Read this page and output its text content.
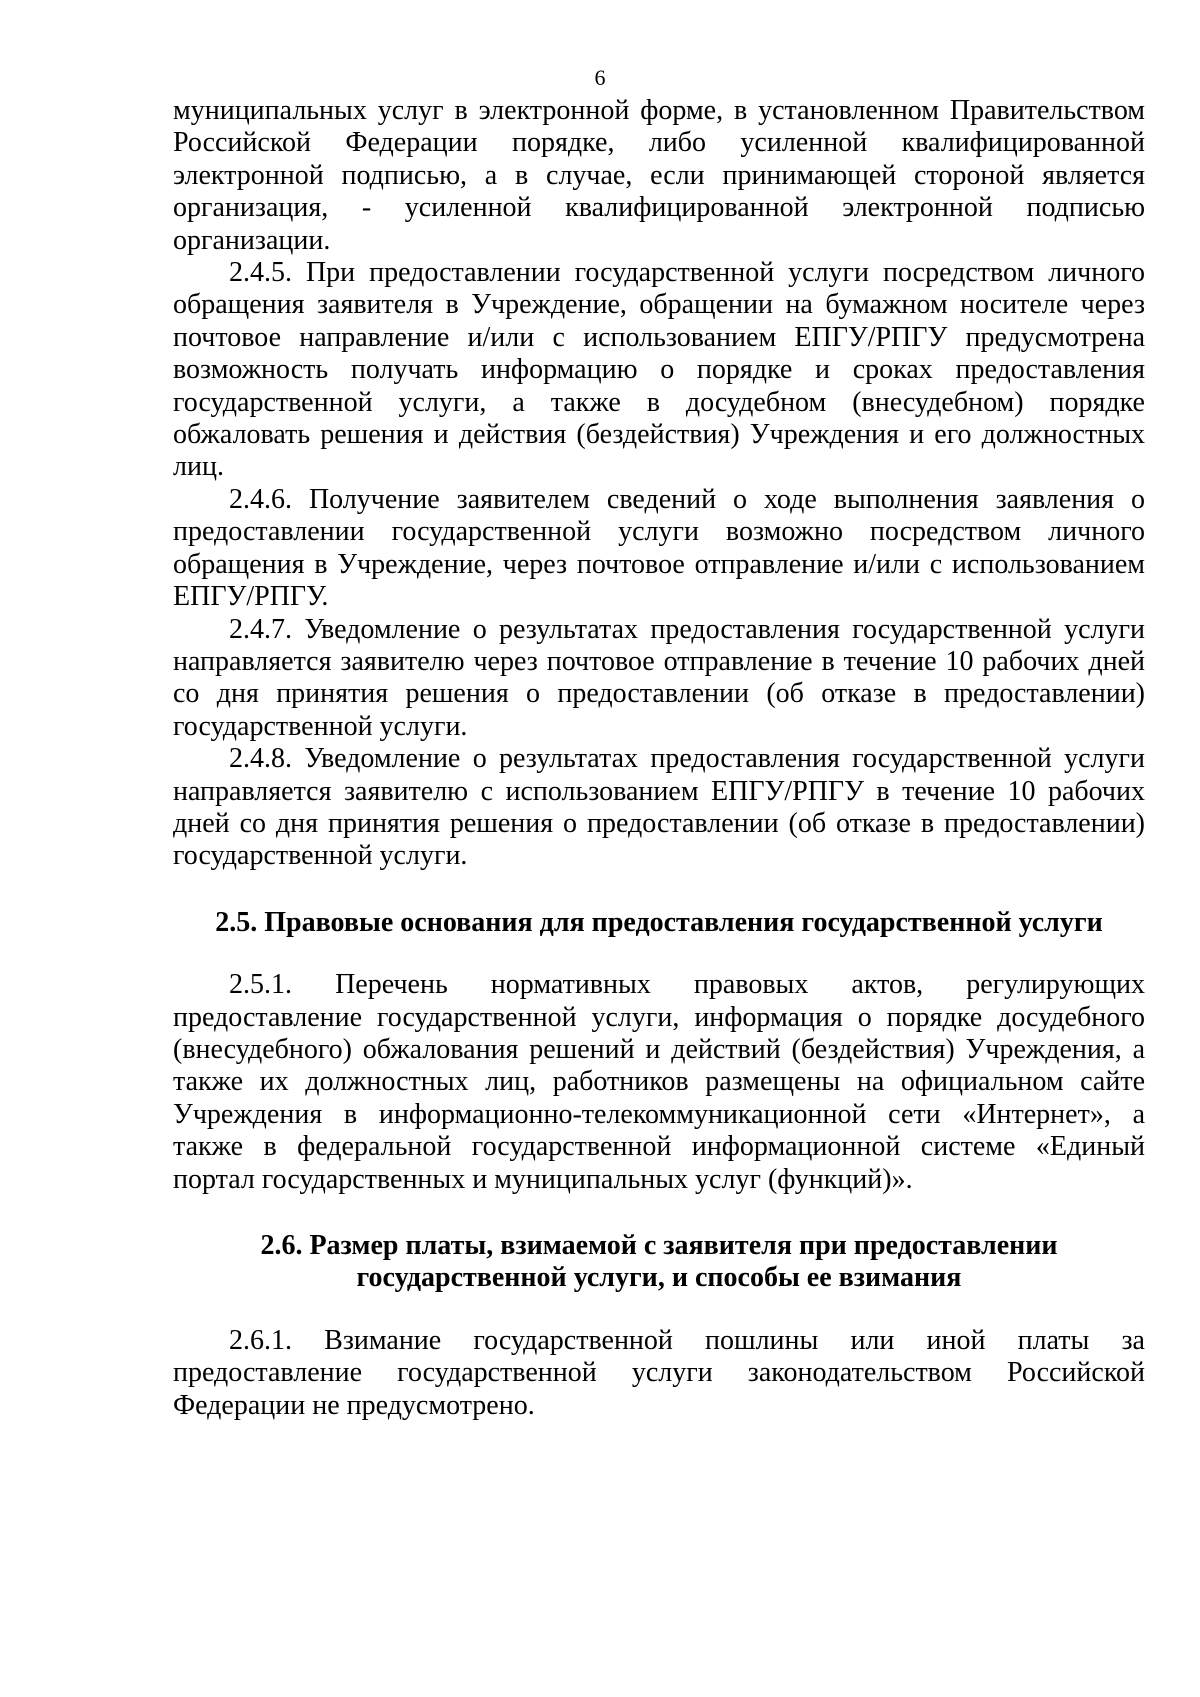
6

муниципальных услуг в электронной форме, в установленном Правительством Российской Федерации порядке, либо усиленной квалифицированной электронной подписью, а в случае, если принимающей стороной является организация, - усиленной квалифицированной электронной подписью организации.

2.4.5. При предоставлении государственной услуги посредством личного обращения заявителя в Учреждение, обращении на бумажном носителе через почтовое направление и/или с использованием ЕПГУ/РПГУ предусмотрена возможность получать информацию о порядке и сроках предоставления государственной услуги, а также в досудебном (внесудебном) порядке обжаловать решения и действия (бездействия) Учреждения и его должностных лиц.

2.4.6. Получение заявителем сведений о ходе выполнения заявления о предоставлении государственной услуги возможно посредством личного обращения в Учреждение, через почтовое отправление и/или с использованием ЕПГУ/РПГУ.

2.4.7. Уведомление о результатах предоставления государственной услуги направляется заявителю через почтовое отправление в течение 10 рабочих дней со дня принятия решения о предоставлении (об отказе в предоставлении) государственной услуги.

2.4.8. Уведомление о результатах предоставления государственной услуги направляется заявителю с использованием ЕПГУ/РПГУ в течение 10 рабочих дней со дня принятия решения о предоставлении (об отказе в предоставлении) государственной услуги.

2.5. Правовые основания для предоставления государственной услуги

2.5.1. Перечень нормативных правовых актов, регулирующих предоставление государственной услуги, информация о порядке досудебного (внесудебного) обжалования решений и действий (бездействия) Учреждения, а также их должностных лиц, работников размещены на официальном сайте Учреждения в информационно-телекоммуникационной сети «Интернет», а также в федеральной государственной информационной системе «Единый портал государственных и муниципальных услуг (функций)».

2.6. Размер платы, взимаемой с заявителя при предоставлении
государственной услуги, и способы ее взимания

2.6.1. Взимание государственной пошлины или иной платы за предоставление государственной услуги законодательством Российской Федерации не предусмотрено.
